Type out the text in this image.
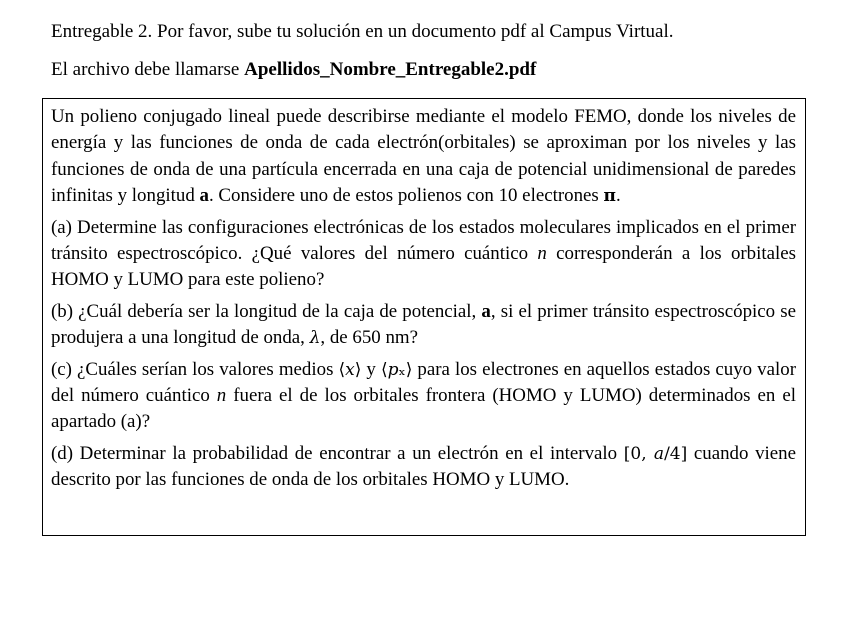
Entregable 2. Por favor, sube tu solución en un documento pdf al Campus Virtual.
El archivo debe llamarse Apellidos_Nombre_Entregable2.pdf

Un polieno conjugado lineal puede describirse mediante el modelo FEMO, donde los niveles de energía y las funciones de onda de cada electrón(orbitales) se aproximan por los niveles y las funciones de onda de una partícula encerrada en una caja de potencial unidimensional de paredes infinitas y longitud a. Considere uno de estos polienos con 10 electrones π.

(a) Determine las configuraciones electrónicas de los estados moleculares implicados en el primer tránsito espectroscópico. ¿Qué valores del número cuántico n corresponderán a los orbitales HOMO y LUMO para este polieno?

(b) ¿Cuál debería ser la longitud de la caja de potencial, a, si el primer tránsito espectroscópico se produjera a una longitud de onda, λ, de 650 nm?

(c) ¿Cuáles serían los valores medios ⟨𝑥⟩ y ⟨𝑝ₓ⟩ para los electrones en aquellos estados cuyo valor del número cuántico n fuera el de los orbitales frontera (HOMO y LUMO) determinados en el apartado (a)?

(d) Determinar la probabilidad de encontrar a un electrón en el intervalo [0, 𝑎/4] cuando viene descrito por las funciones de onda de los orbitales HOMO y LUMO.
